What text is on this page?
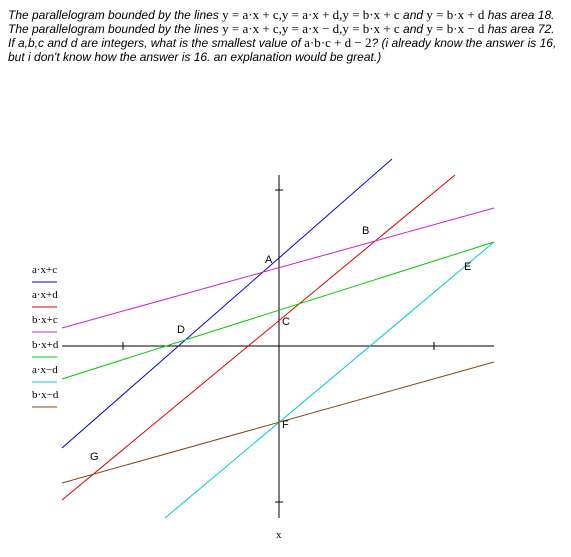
The parallelogram bounded by the lines y = a·x + c,y = a·x + d,y = b·x + c and y = b·x + d has area 18. The parallelogram bounded by the lines y = a·x + c,y = a·x − d,y = b·x + c and y = b·x − d has area 72. If a,b,c and d are integers, what is the smallest value of a·b·c + d − 2? (i already know the answer is 16, but i don't know how the answer is 16. an explanation would be great.)
x
a·x+c
a·x+d
b·x+c
b·x+d
a·x−d
b·x−d
A
B
C
D
E
F
G
